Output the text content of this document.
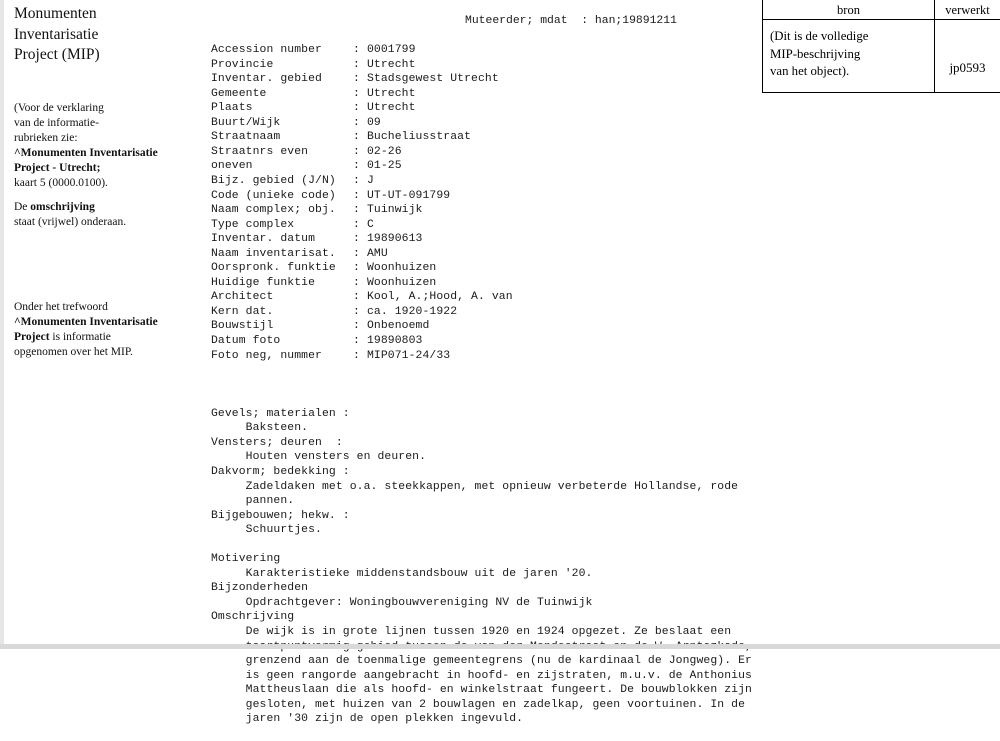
Monumenten
Inventarisatie
Project (MIP)
(Voor de verklaring
van de informatie-
rubrieken zie:
^Monumenten Inventarisatie
Project - Utrecht;
kaart 5 (0000.0100).
De omschrijving
staat (vrijwel) onderaan.
Onder het trefwoord
^Monumenten Inventarisatie
Project is informatie
opgenomen over het MIP.
Muteerder; mdat : han;19891211

Accession number	: 0001799
Provincie	: Utrecht
Inventar. gebied	: Stadsgewest Utrecht
Gemeente	: Utrecht
Plaats	: Utrecht
Buurt/Wijk	: 09
Straatnaam	: Bucheliusstraat
Straatnrs even	: 02-26
oneven	: 01-25
Bijz. gebied (J/N) : J
Code (unieke code) : UT-UT-091799
Naam complex; obj. : Tuinwijk
Type complex	: C
Inventar. datum	: 19890613
Naam inventarisat. : AMU
Oorspronk. funktie : Woonhuizen
Huidige funktie	: Woonhuizen
Architect	: Kool, A.;Hood, A. van
Kern dat.	: ca. 1920-1922
Bouwstijl	: Onbenoemd
Datum foto	: 19890803
Foto neg, nummer	: MIP071-24/33

Gevels; materialen :
Baksteen.
Vensters; deuren  :
Houten vensters en deuren.
Dakvorm; bedekking :
Zadeldaken met o.a. steekkappen, met opnieuw verbeterde Hollandse, rode
pannen.
Bijgebouwen; hekw. :
Schuurtjes.

Motivering
Karakteristieke middenstandsbouw uit de jaren '20.
Bijzonderheden
Opdrachtgever: Woningbouwvereniging NV de Tuinwijk
Omschrijving
De wijk is in grote lijnen tussen 1920 en 1924 opgezet. Ze beslaat een
grenzend aan de toenmalige gemeentegrens (nu de kardinaal de Jongweg). Er
is geen rangorde aangebracht in hoofd- en zijstraten, m.u.v. de Anthonius
Mattheuslaan die als hoofd- en winkelstraat fungeert. De bouwblokken zijn
gesloten, met huizen van 2 bouwlagen en zadelkap, geen voortuinen. In de
jaren '30 zijn de open plekken ingevuld.

bron	verwerkt
(Dit is de volledige
MIP-beschrijving
van het object).	jp0593
